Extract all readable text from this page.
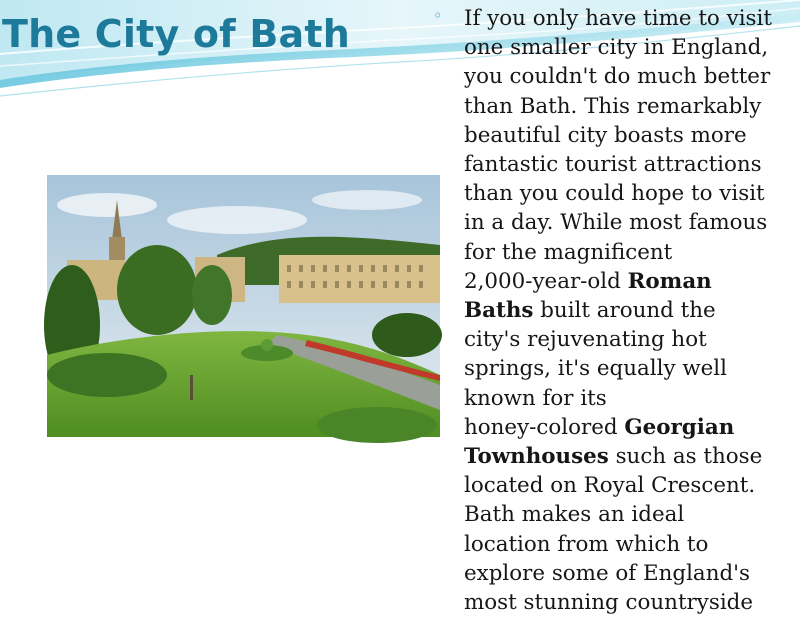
The City of Bath	◦ If you only have time to visit
one smaller city in England,
you couldn't do much better
than Bath. This remarkably
beautiful city boasts more
fantastic tourist attractions
than you could hope to visit
in a day. While most famous
for the magnificent
2,000-year-old Roman
Baths built around the
city's rejuvenating hot
springs, it's equally well
known for its
honey-colored Georgian
Townhouses such as those
located on Royal Crescent.
Bath makes an ideal
location from which to
explore some of England's
most stunning countryside
